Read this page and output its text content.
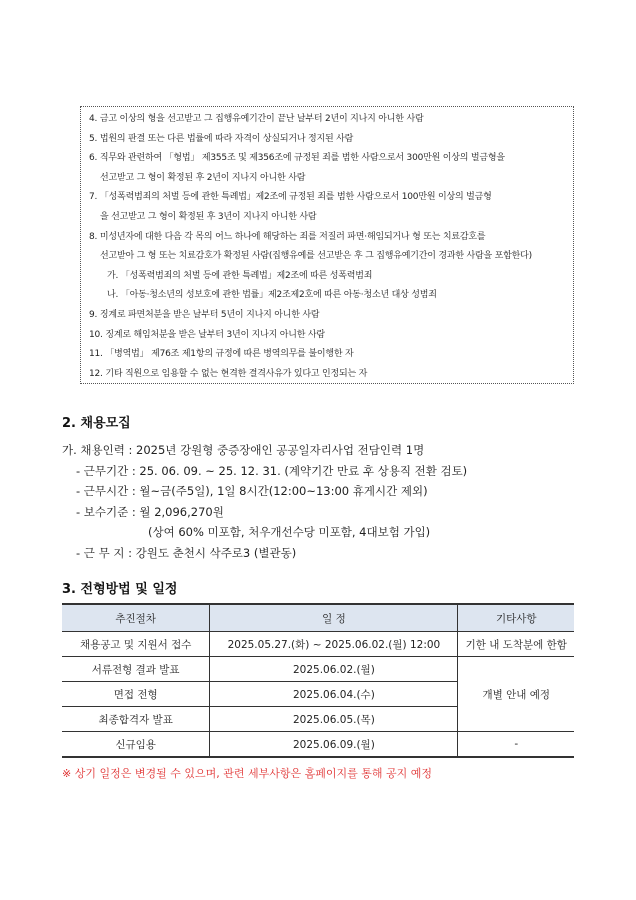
4. 금고 이상의 형을 선고받고 그 집행유예기간이 끝난 날부터 2년이 지나지 아니한 사람
5. 법원의 판결 또는 다른 법률에 따라 자격이 상실되거나 정지된 사람
6. 직무와 관련하여 「형법」 제355조 및 제356조에 규정된 죄를 범한 사람으로서 300만원 이상의 벌금형을
선고받고 그 형이 확정된 후 2년이 지나지 아니한 사람
7. 「성폭력범죄의 처벌 등에 관한 특례법」제2조에 규정된 죄를 범한 사람으로서 100만원 이상의 벌금형
을 선고받고 그 형이 확정된 후 3년이 지나지 아니한 사람
8. 미성년자에 대한 다음 각 목의 어느 하나에 해당하는 죄를 저질러 파면·해임되거나 형 또는 치료감호를
선고받아 그 형 또는 치료감호가 확정된 사람(집행유예를 선고받은 후 그 집행유예기간이 경과한 사람을 포함한다)
가. 「성폭력범죄의 처벌 등에 관한 특례법」제2조에 따른 성폭력범죄
나. 「아동·청소년의 성보호에 관한 법률」제2조제2호에 따른 아동·청소년 대상 성범죄
9. 징계로 파면처분을 받은 날부터 5년이 지나지 아니한 사람
10. 징계로 해임처분을 받은 날부터 3년이 지나지 아니한 사람
11. 「병역법」 제76조 제1항의 규정에 따른 병역의무를 불이행한 자
12. 기타 직원으로 임용할 수 없는 현격한 결격사유가 있다고 인정되는 자
2. 채용모집
가. 채용인력 : 2025년 강원형 중증장애인 공공일자리사업 전담인력 1명
- 근무기간 : 25. 06. 09. ~ 25. 12. 31. (계약기간 만료 후 상용직 전환 검토)
- 근무시간 : 월~금(주5일), 1일 8시간(12:00~13:00 휴게시간 제외)
- 보수기준 : 월 2,096,270원
(상여 60% 미포함, 처우개선수당 미포함, 4대보험 가입)
- 근 무 지 : 강원도 춘천시 삭주로3 (별관동)
3. 전형방법 및 일정
추진절차	일 정	기타사항
채용공고 및 지원서 접수	2025.05.27.(화) ~ 2025.06.02.(월) 12:00	기한 내 도착분에 한함
서류전형 결과 발표	2025.06.02.(월)	개별 안내 예정
면접 전형	2025.06.04.(수)	
최종합격자 발표	2025.06.05.(목)	
신규임용	2025.06.09.(월)	-
※ 상기 일정은 변경될 수 있으며, 관련 세부사항은 홈페이지를 통해 공지 예정
